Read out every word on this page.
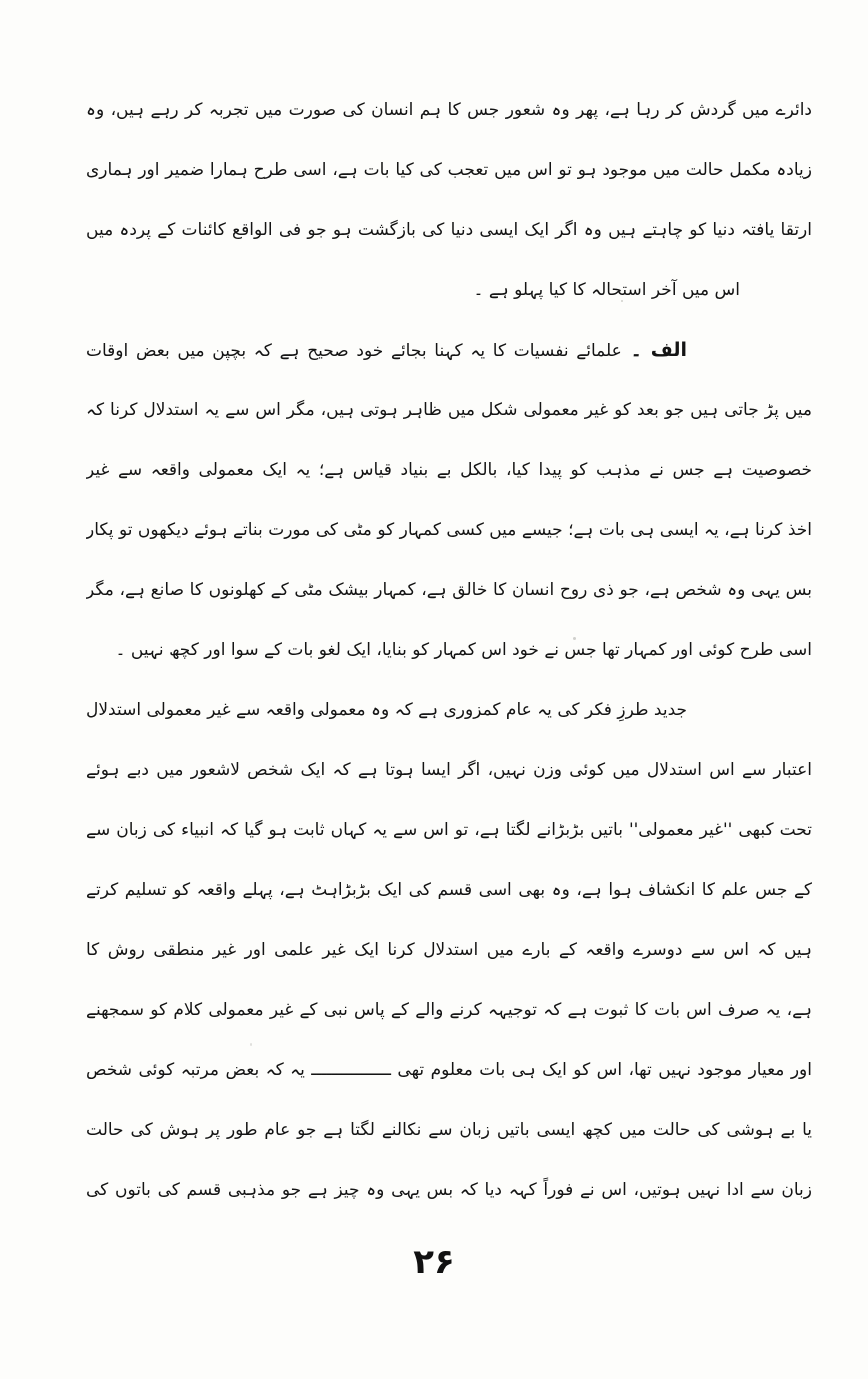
دائرے میں گردش کر رہا ہے، پھر وہ شعور جس کا ہم انسان کی صورت میں تجربہ کر رہے ہیں، وہ
زیادہ مکمل حالت میں موجود ہو تو اس میں تعجب کی کیا بات ہے، اسی طرح ہمارا ضمیر اور ہماری
ارتقا یافتہ دنیا کو چاہتے ہیں وہ اگر ایک ایسی دنیا کی بازگشت ہو جو فی الواقع کائنات کے پردہ میں
اس میں آخر استحالہ کا کیا پہلو ہے ۔
الف ۔ علمائے نفسیات کا یہ کہنا بجائے خود صحیح ہے کہ بچپن میں بعض اوقات
میں پڑ جاتی ہیں جو بعد کو غیر معمولی شکل میں ظاہر ہوتی ہیں، مگر اس سے یہ استدلال کرنا کہ
خصوصیت ہے جس نے مذہب کو پیدا کیا، بالکل بے بنیاد قیاس ہے؛ یہ ایک معمولی واقعہ سے غیر
اخذ کرنا ہے، یہ ایسی ہی بات ہے؛ جیسے میں کسی کمہار کو مٹی کی مورت بناتے ہوئے دیکھوں تو پکار
بس یہی وہ شخص ہے، جو ذی روح انسان کا خالق ہے، کمہار بیشک مٹی کے کھلونوں کا صانع ہے، مگر
اسی طرح کوئی اور کمہار تھا جس نے خود اس کمہار کو بنایا، ایک لغو بات کے سوا اور کچھ نہیں ۔
جدید طرزِ فکر کی یہ عام کمزوری ہے کہ وہ معمولی واقعہ سے غیر معمولی استدلال
اعتبار سے اس استدلال میں کوئی وزن نہیں، اگر ایسا ہوتا ہے کہ ایک شخص لاشعور میں دبے ہوئے
تحت کبھی ''غیر معمولی'' باتیں بڑبڑانے لگتا ہے، تو اس سے یہ کہاں ثابت ہو گیا کہ انبیاء کی زبان سے
کے جس علم کا انکشاف ہوا ہے، وہ بھی اسی قسم کی ایک بڑبڑاہٹ ہے، پہلے واقعہ کو تسلیم کرتے
ہیں کہ اس سے دوسرے واقعہ کے بارے میں استدلال کرنا ایک غیر علمی اور غیر منطقی روش کا
ہے، یہ صرف اس بات کا ثبوت ہے کہ توجیہہ کرنے والے کے پاس نبی کے غیر معمولی کلام کو سمجھنے
اور معیار موجود نہیں تھا، اس کو ایک ہی بات معلوم تھی ــــــــــــــــ یہ کہ بعض مرتبہ کوئی شخص
یا بے ہوشی کی حالت میں کچھ ایسی باتیں زبان سے نکالنے لگتا ہے جو عام طور پر ہوش کی حالت
زبان سے ادا نہیں ہوتیں، اس نے فوراً کہہ دیا کہ بس یہی وہ چیز ہے جو مذہبی قسم کی باتوں کی
۲۶
